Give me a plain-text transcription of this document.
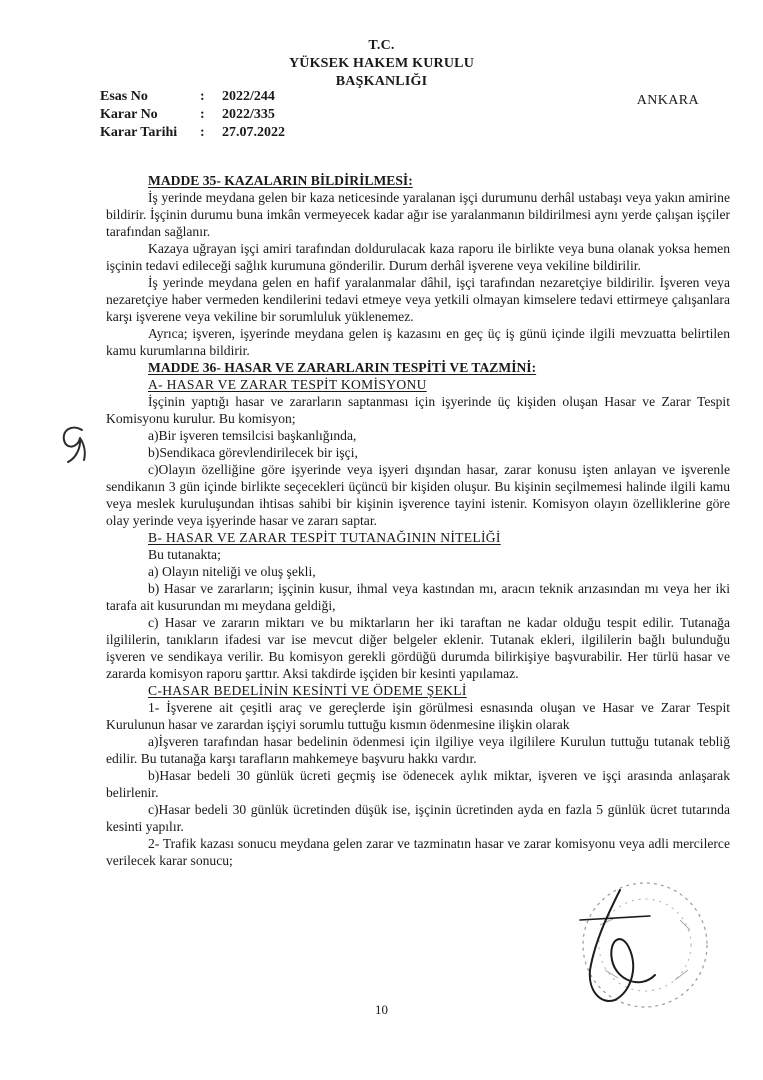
T.C.
YÜKSEK HAKEM KURULU
BAŞKANLIĞI
Esas No	:	2022/244
Karar No	:	2022/335
Karar Tarihi	:	27.07.2022
ANKARA

MADDE 35- KAZALARIN BİLDİRİLMESİ:

İş yerinde meydana gelen bir kaza neticesinde yaralanan işçi durumunu derhâl ustabaşı veya yakın amirine bildirir. İşçinin durumu buna imkân vermeyecek kadar ağır ise yaralanmanın bildirilmesi aynı yerde çalışan işçiler tarafından sağlanır.

Kazaya uğrayan işçi amiri tarafından doldurulacak kaza raporu ile birlikte veya buna olanak yoksa hemen işçinin tedavi edileceği sağlık kurumuna gönderilir. Durum derhâl işverene veya vekiline bildirilir.

İş yerinde meydana gelen en hafif yaralanmalar dâhil, işçi tarafından nezaretçiye bildirilir. İşveren veya nezaretçiye haber vermeden kendilerini tedavi etmeye veya yetkili olmayan kimselere tedavi ettirmeye çalışanlara karşı işverene veya vekiline bir sorumluluk yüklenemez.

Ayrıca; işveren, işyerinde meydana gelen iş kazasını en geç üç iş günü içinde ilgili mevzuatta belirtilen kamu kurumlarına bildirir.

MADDE 36- HASAR VE ZARARLARIN TESPİTİ VE TAZMİNİ:

A- HASAR VE ZARAR TESPİT KOMİSYONU

İşçinin yaptığı hasar ve zararların saptanması için işyerinde üç kişiden oluşan Hasar ve Zarar Tespit Komisyonu kurulur. Bu komisyon;

a)Bir işveren temsilcisi başkanlığında,

b)Sendikaca görevlendirilecek bir işçi,

c)Olayın özelliğine göre işyerinde veya işyeri dışından hasar, zarar konusu işten anlayan ve işverenle sendikanın 3 gün içinde birlikte seçecekleri üçüncü bir kişiden oluşur. Bu kişinin seçilmemesi halinde ilgili kamu veya meslek kuruluşundan ihtisas sahibi bir kişinin işverence tayini istenir. Komisyon olayın özelliklerine göre olay yerinde veya işyerinde hasar ve zararı saptar.

B- HASAR VE ZARAR TESPİT TUTANAĞININ NİTELİĞİ

Bu tutanakta;

a) Olayın niteliği ve oluş şekli,

b) Hasar ve zararların; işçinin kusur, ihmal veya kastından mı, aracın teknik arızasından mı veya her iki tarafa ait kusurundan mı meydana geldiği,

c) Hasar ve zararın miktarı ve bu miktarların her iki taraftan ne kadar olduğu tespit edilir. Tutanağa ilgililerin, tanıkların ifadesi var ise mevcut diğer belgeler eklenir. Tutanak ekleri, ilgililerin bağlı bulunduğu işveren ve sendikaya verilir. Bu komisyon gerekli gördüğü durumda bilirkişiye başvurabilir. Her türlü hasar ve zararda komisyon raporu şarttır. Aksi takdirde işçiden bir kesinti yapılamaz.

C-HASAR BEDELİNİN KESİNTİ VE ÖDEME ŞEKLİ

1- İşverene ait çeşitli araç ve gereçlerde işin görülmesi esnasında oluşan ve Hasar ve Zarar Tespit Kurulunun hasar ve zarardan işçiyi sorumlu tuttuğu kısmın ödenmesine ilişkin olarak

a)İşveren tarafından hasar bedelinin ödenmesi için ilgiliye veya ilgililere Kurulun tuttuğu tutanak tebliğ edilir. Bu tutanağa karşı tarafların mahkemeye başvuru hakkı vardır.

b)Hasar bedeli 30 günlük ücreti geçmiş ise ödenecek aylık miktar, işveren ve işçi arasında anlaşarak belirlenir.

c)Hasar bedeli 30 günlük ücretinden düşük ise, işçinin ücretinden ayda en fazla 5 günlük ücret tutarında kesinti yapılır.

2- Trafik kazası sonucu meydana gelen zarar ve tazminatın hasar ve zarar komisyonu veya adli mercilerce verilecek karar sonucu;

10
